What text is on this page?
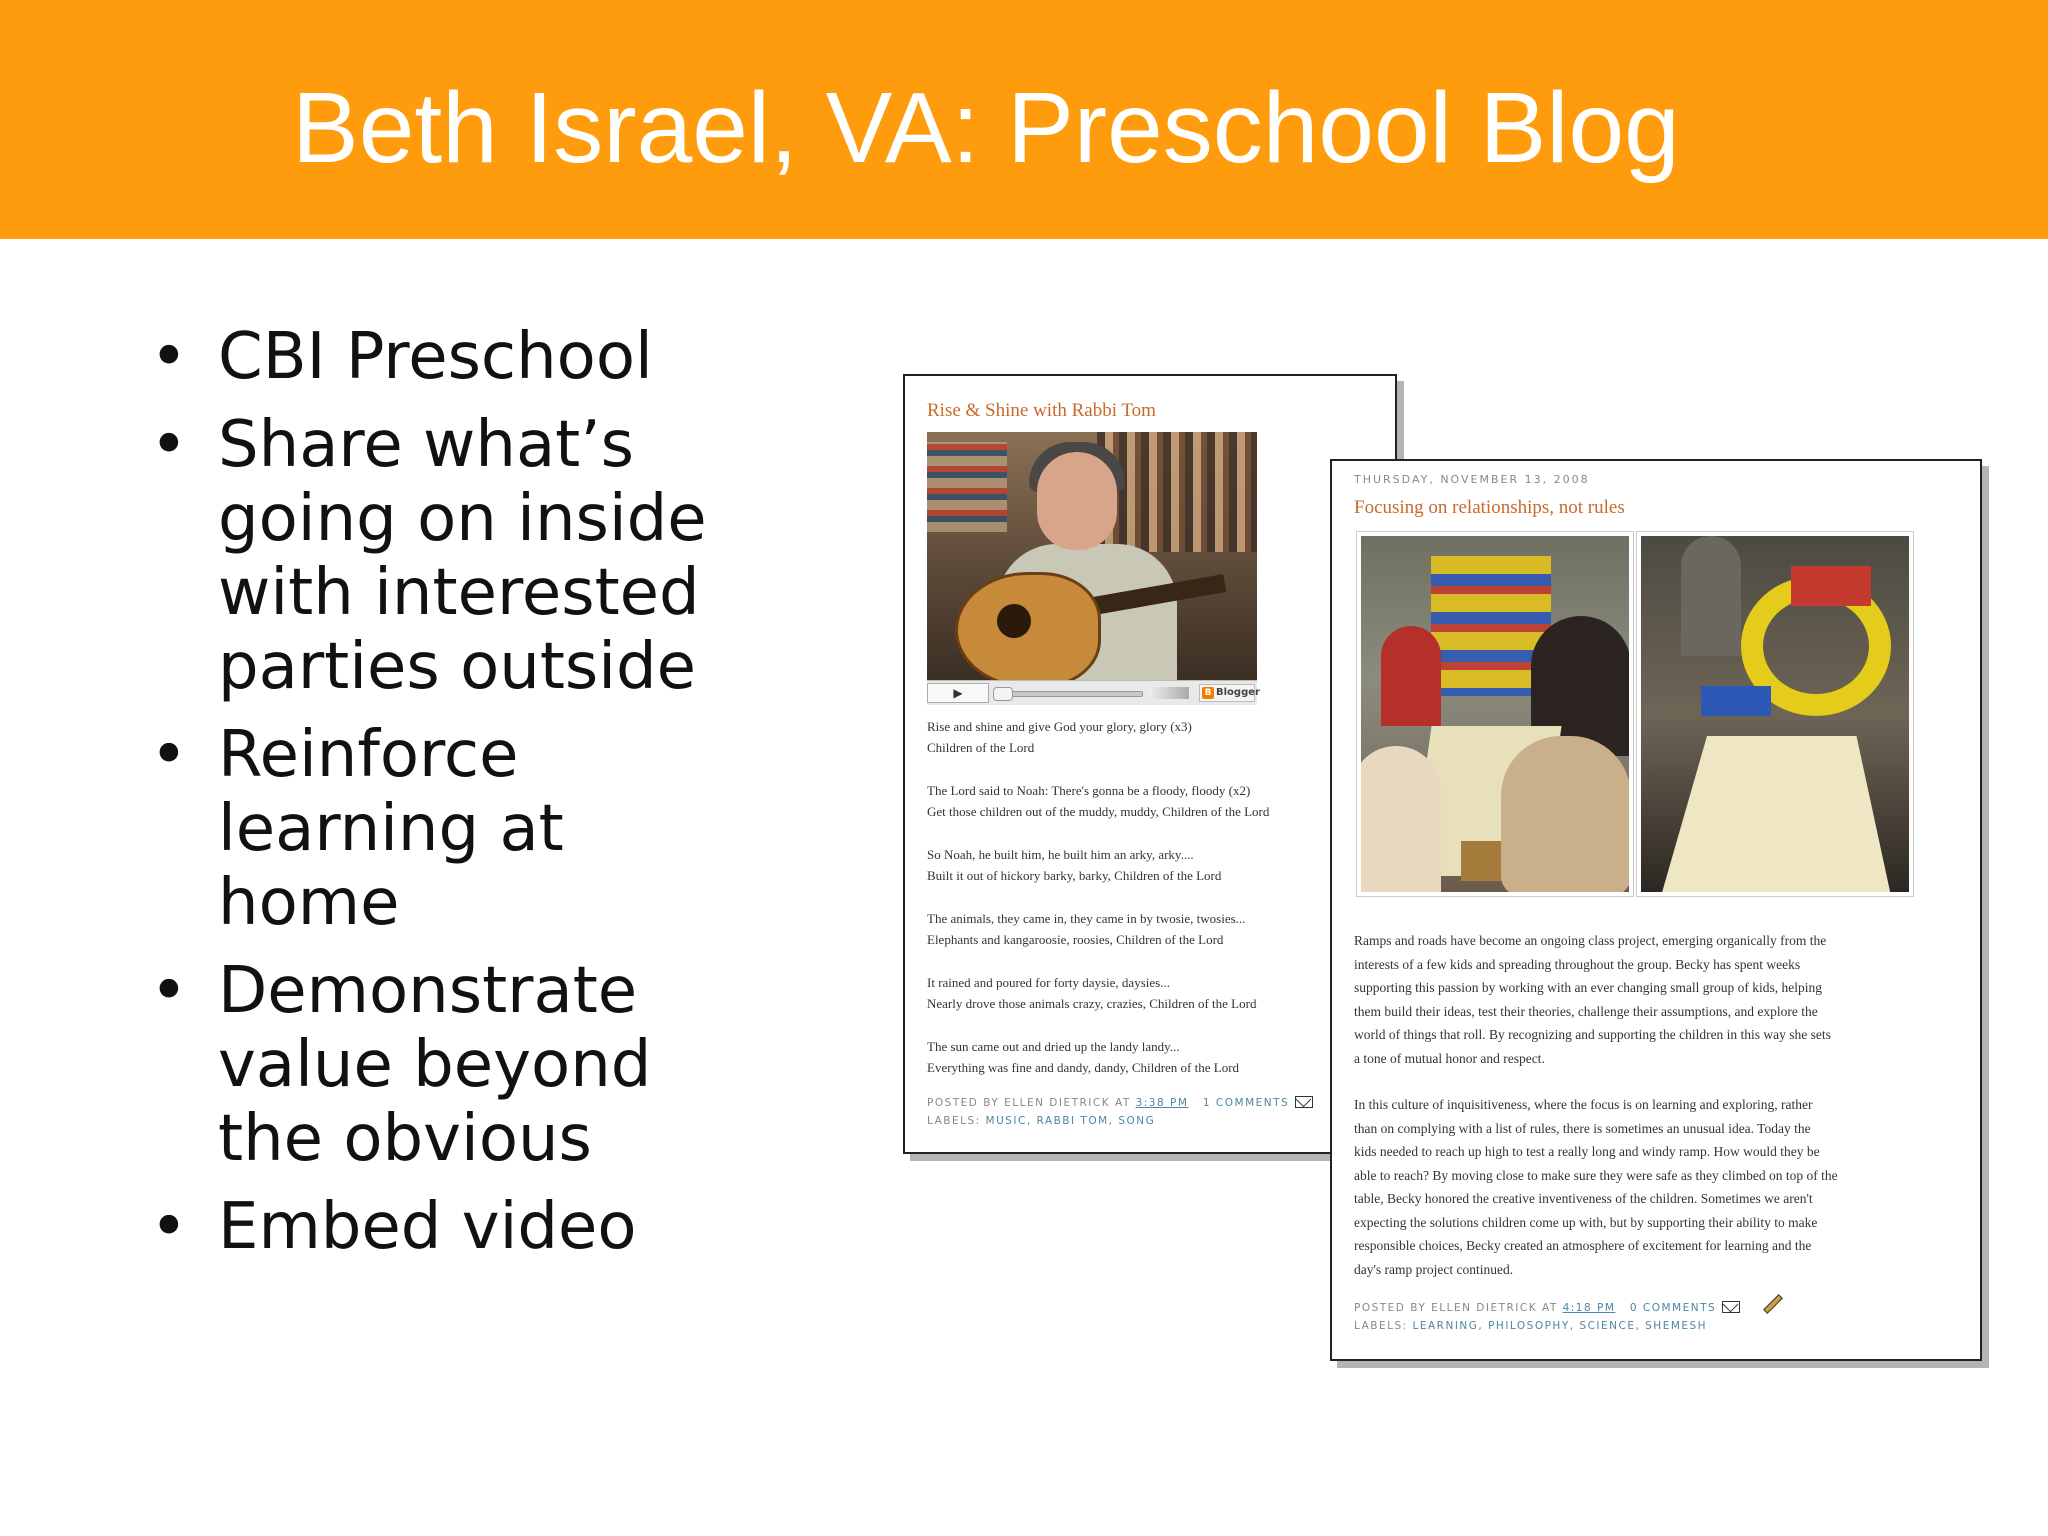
Beth Israel, VA: Preschool Blog
• CBI Preschool
• Share what’s
going on inside
with interested
parties outside
• Reinforce
learning at
home
• Demonstrate
value beyond
the obvious
• Embed video
Rise & Shine with Rabbi Tom
▶	B Blogger
Rise and shine and give God your glory, glory (x3)
Children of the Lord
The Lord said to Noah: There's gonna be a floody, floody (x2)
Get those children out of the muddy, muddy, Children of the Lord
So Noah, he built him, he built him an arky, arky....
Built it out of hickory barky, barky, Children of the Lord
The animals, they came in, they came in by twosie, twosies...
Elephants and kangaroosie, roosies, Children of the Lord
It rained and poured for forty daysie, daysies...
Nearly drove those animals crazy, crazies, Children of the Lord
The sun came out and dried up the landy landy...
Everything was fine and dandy, dandy, Children of the Lord
POSTED BY ELLEN DIETRICK AT 3:38 PM 1 COMMENTS
LABELS: MUSIC, RABBI TOM, SONG
THURSDAY, NOVEMBER 13, 2008
Focusing on relationships, not rules
Ramps and roads have become an ongoing class project, emerging organically from the
interests of a few kids and spreading throughout the group. Becky has spent weeks
supporting this passion by working with an ever changing small group of kids, helping
them build their ideas, test their theories, challenge their assumptions, and explore the
world of things that roll. By recognizing and supporting the children in this way she sets
a tone of mutual honor and respect.
In this culture of inquisitiveness, where the focus is on learning and exploring, rather
than on complying with a list of rules, there is sometimes an unusual idea. Today the
kids needed to reach up high to test a really long and windy ramp. How would they be
able to reach? By moving close to make sure they were safe as they climbed on top of the
table, Becky honored the creative inventiveness of the children. Sometimes we aren't
expecting the solutions children come up with, but by supporting their ability to make
responsible choices, Becky created an atmosphere of excitement for learning and the
day's ramp project continued.
POSTED BY ELLEN DIETRICK AT 4:18 PM 0 COMMENTS
LABELS: LEARNING, PHILOSOPHY, SCIENCE, SHEMESH
